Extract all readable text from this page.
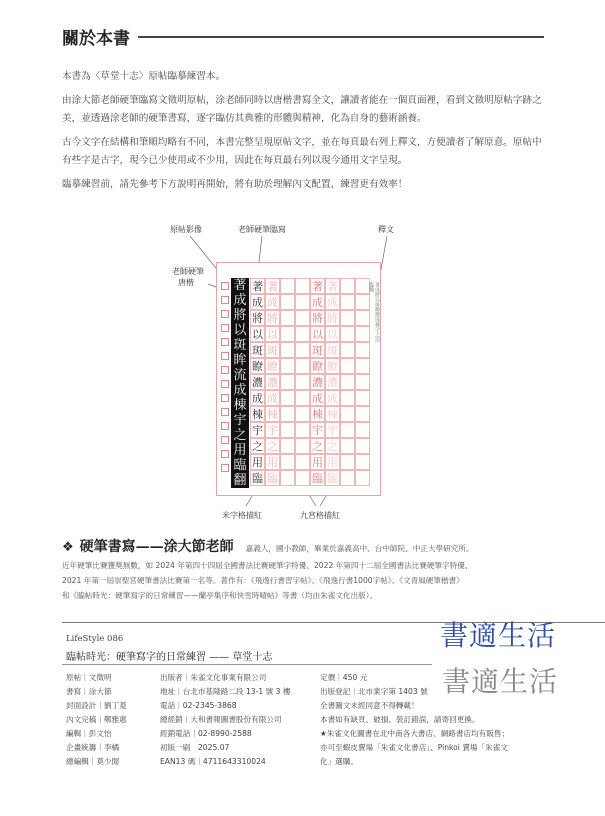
關於本書

本書為〈草堂十志〉原帖臨摹練習本。

由涂大節老師硬筆臨寫文徵明原帖，涂老師同時以唐楷書寫全文，讓讀者能在一個頁面裡，看到文徵明原帖字跡之美，並透過涂老師的硬筆書寫，逐字臨仿其典雅的形體與精神，化為自身的藝術涵養。

古今文字在結構和筆順均略有不同，本書完整呈現原帖文字，並在每頁最右列上釋文，方便讀者了解原意。原帖中有些字是古字，現今已少使用或不少用，因此在每頁最右列以現今通用文字呈現。

臨摹練習前，請先參考下方說明再開始，將有助於理解內文配置，練習更有效率！

原帖影像	老師硬筆臨寫	釋文
老師硬筆
唐楷
米字格描紅	九宮格描紅
著
成
將
以
斑
眸
流
成
棟
宇
之
用
臨
翻
著 著	著 著
成 成	成 成
將 將	將 將
以 以	以 以
斑 斑	斑 斑
瞭 瞭	瞭 瞭
濃 濃	濃 濃
成 成	成 成
棟 棟	棟 棟
宇 宇	宇 宇
之 之	之 之
用 用	用 用
臨 臨	臨 臨
著成將以斑瞭濃成棟宇之用臨翻
❖ 硬筆書寫——涂大節老師 嘉義人，國小教師，畢業於嘉義高中、台中師院、中正大學研究所。
近年硬筆比賽獲獎無數，如 2024 年第四十四屆全國書法比賽硬筆字特優、2022 年第四十二屆全國書法比賽硬筆字特優、
2021 年第一屆崇聖宮硬筆書法比賽第一名等。著作有：《飛逸行書習字帖》、《飛逸行書1000字帖》、《文青風硬筆楷書》
和《臨帖時光：硬筆寫字的日常練習——蘭亭集序和快雪時晴帖》等書（均由朱雀文化出版）。
LifeStyle 086
臨帖時光：硬筆寫字的日常練習 —— 草堂十志
原帖｜文徵明
書寫｜涂大節
封面設計｜劉丁菱
內文完稿｜鄭雅惠
編輯｜彭文怡
企畫統籌｜李橘
總編輯｜莫少閒
出版者｜朱雀文化事業有限公司
地址｜台北市基隆路二段 13-1 號 3 樓
電話｜02-2345-3868
總經銷｜大和書報圖書股份有限公司
經銷電話｜02-8990-2588
初版一刷　2025.07
EAN13 碼｜4711643310024
定價｜450 元
出版登記｜北市業字第 1403 號
全書圖文未經同意不得轉載！
本書如有缺頁、破損、裝訂錯誤，請寄回更換。
★朱雀文化圖書在北中南各大書店、網路書店均有販售；
亦可至蝦皮賣場「朱雀文化書店」、Pinkoi 賣場「朱雀文
化」選購。
書適生活
書適生活
